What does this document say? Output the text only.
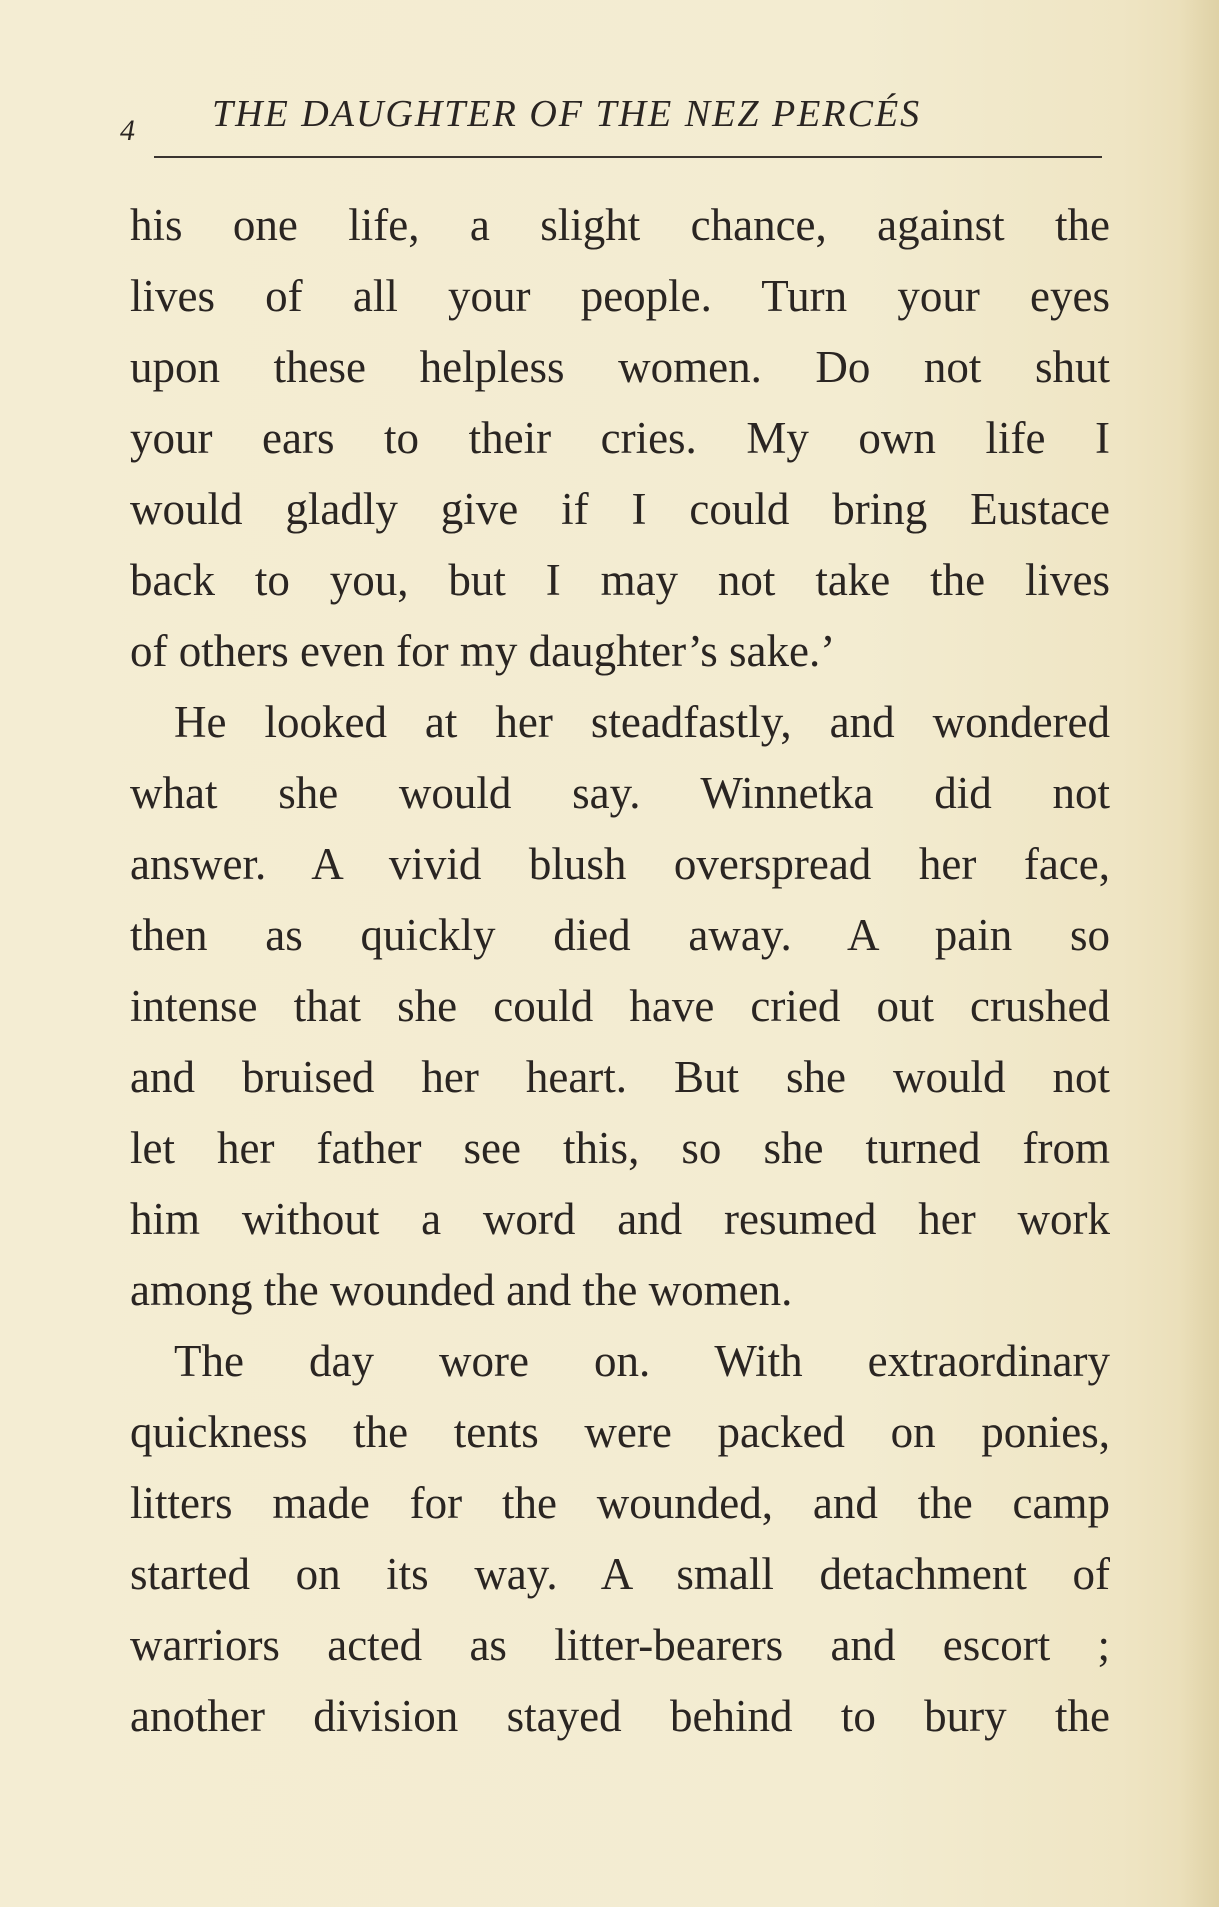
4 THE DAUGHTER OF THE NEZ PERCÉS
his one life, a slight chance, against the
lives of all your people. Turn your eyes
upon these helpless women. Do not shut
your ears to their cries. My own life I
would gladly give if I could bring Eustace
back to you, but I may not take the lives
of others even for my daughter’s sake.’
He looked at her steadfastly, and wondered
what she would say. Winnetka did not
answer. A vivid blush overspread her face,
then as quickly died away. A pain so
intense that she could have cried out crushed
and bruised her heart. But she would not
let her father see this, so she turned from
him without a word and resumed her work
among the wounded and the women.
The day wore on. With extraordinary
quickness the tents were packed on ponies,
litters made for the wounded, and the camp
started on its way. A small detachment of
warriors acted as litter-bearers and escort ;
another division stayed behind to bury the
